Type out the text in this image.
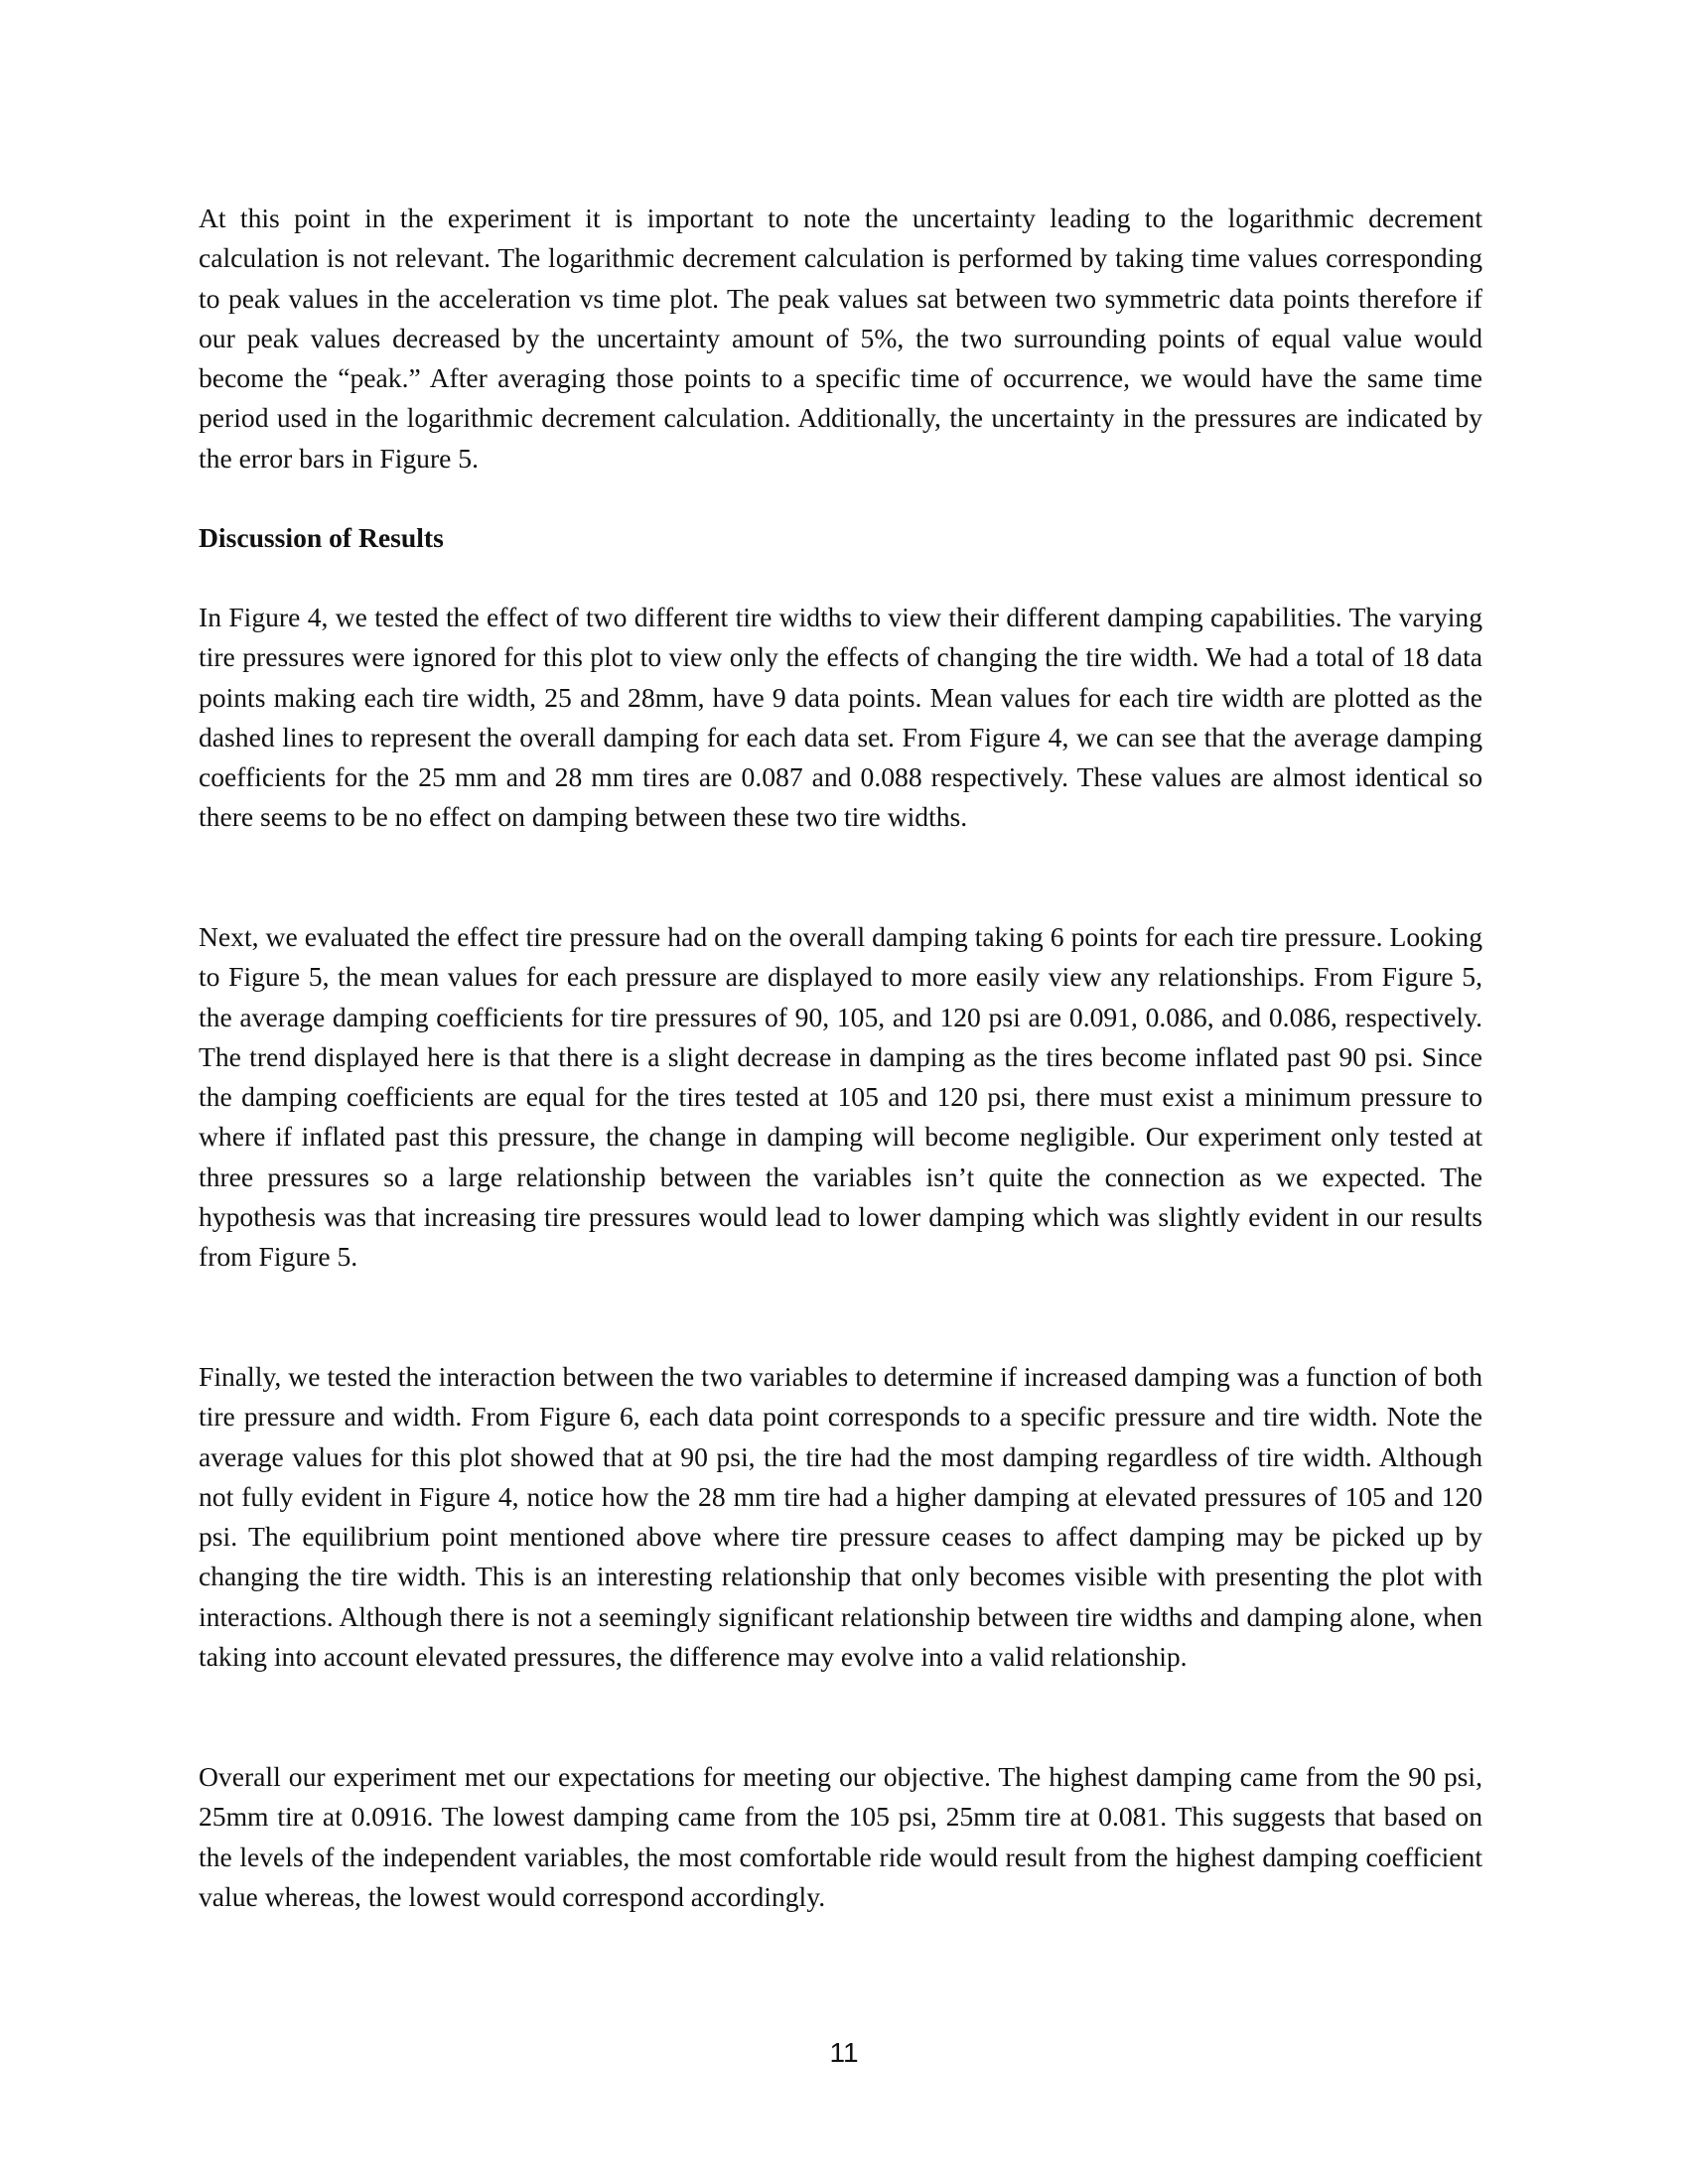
At this point in the experiment it is important to note the uncertainty leading to the logarithmic decrement calculation is not relevant. The logarithmic decrement calculation is performed by taking time values corresponding to peak values in the acceleration vs time plot. The peak values sat between two symmetric data points therefore if our peak values decreased by the uncertainty amount of 5%, the two surrounding points of equal value would become the “peak.” After averaging those points to a specific time of occurrence, we would have the same time period used in the logarithmic decrement calculation. Additionally, the uncertainty in the pressures are indicated by the error bars in Figure 5.

Discussion of Results

In Figure 4, we tested the effect of two different tire widths to view their different damping capabilities. The varying tire pressures were ignored for this plot to view only the effects of changing the tire width. We had a total of 18 data points making each tire width, 25 and 28mm, have 9 data points. Mean values for each tire width are plotted as the dashed lines to represent the overall damping for each data set. From Figure 4, we can see that the average damping coefficients for the 25 mm and 28 mm tires are 0.087 and 0.088 respectively. These values are almost identical so there seems to be no effect on damping between these two tire widths.

Next, we evaluated the effect tire pressure had on the overall damping taking 6 points for each tire pressure. Looking to Figure 5, the mean values for each pressure are displayed to more easily view any relationships. From Figure 5, the average damping coefficients for tire pressures of 90, 105, and 120 psi are 0.091, 0.086, and 0.086, respectively. The trend displayed here is that there is a slight decrease in damping as the tires become inflated past 90 psi. Since the damping coefficients are equal for the tires tested at 105 and 120 psi, there must exist a minimum pressure to where if inflated past this pressure, the change in damping will become negligible. Our experiment only tested at three pressures so a large relationship between the variables isn’t quite the connection as we expected. The hypothesis was that increasing tire pressures would lead to lower damping which was slightly evident in our results from Figure 5.

Finally, we tested the interaction between the two variables to determine if increased damping was a function of both tire pressure and width. From Figure 6, each data point corresponds to a specific pressure and tire width. Note the average values for this plot showed that at 90 psi, the tire had the most damping regardless of tire width. Although not fully evident in Figure 4, notice how the 28 mm tire had a higher damping at elevated pressures of 105 and 120 psi. The equilibrium point mentioned above where tire pressure ceases to affect damping may be picked up by changing the tire width. This is an interesting relationship that only becomes visible with presenting the plot with interactions. Although there is not a seemingly significant relationship between tire widths and damping alone, when taking into account elevated pressures, the difference may evolve into a valid relationship.

Overall our experiment met our expectations for meeting our objective. The highest damping came from the 90 psi, 25mm tire at 0.0916. The lowest damping came from the 105 psi, 25mm tire at 0.081. This suggests that based on the levels of the independent variables, the most comfortable ride would result from the highest damping coefficient value whereas, the lowest would correspond accordingly.

11
